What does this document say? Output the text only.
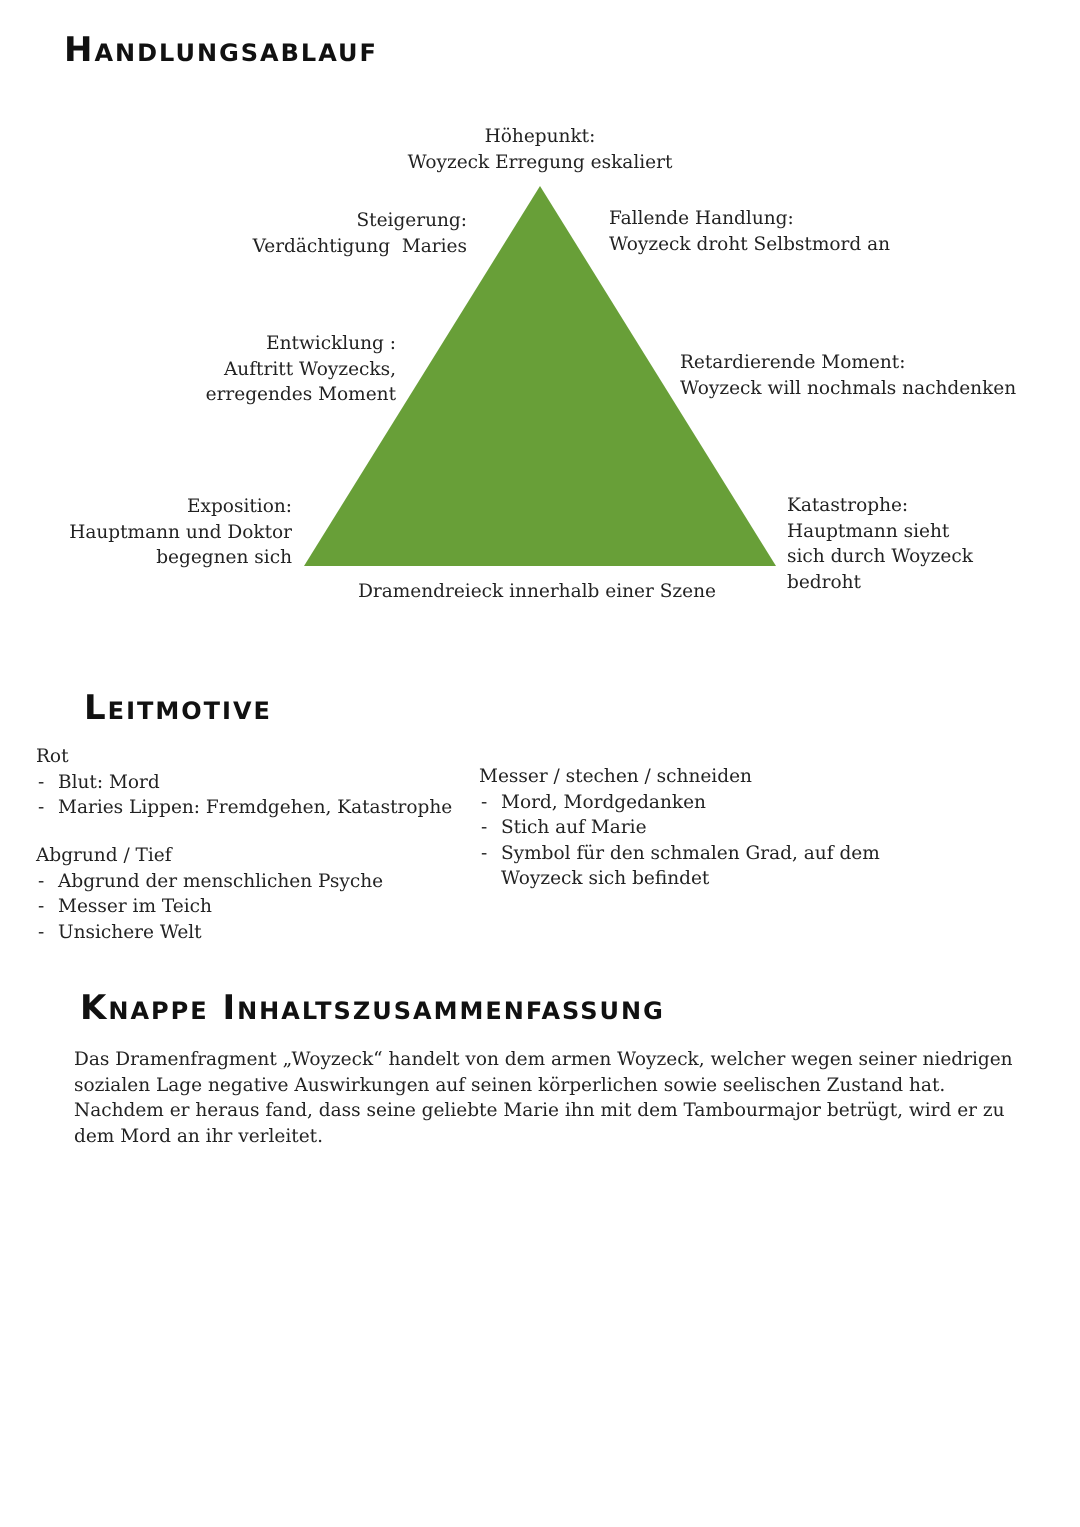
Handlungsablauf
Höhepunkt:
Woyzeck Erregung eskaliert
Steigerung:
Verdächtigung  Maries
Fallende Handlung:
Woyzeck droht Selbstmord an
Entwicklung :
Auftritt Woyzecks,
erregendes Moment
Retardierende Moment:
Woyzeck will nochmals nachdenken
Exposition:
Hauptmann und Doktor
begegnen sich
Katastrophe:
Hauptmann sieht
sich durch Woyzeck
bedroht
Dramendreieck innerhalb einer Szene
Leitmotive
Rot
- Blut: Mord
- Maries Lippen: Fremdgehen, Katastrophe
Abgrund / Tief
- Abgrund der menschlichen Psyche
- Messer im Teich
- Unsichere Welt
Messer / stechen / schneiden
- Mord, Mordgedanken
- Stich auf Marie
- Symbol für den schmalen Grad, auf dem
Woyzeck sich befindet
Knappe Inhaltszusammenfassung

Das Dramenfragment „Woyzeck“ handelt von dem armen Woyzeck, welcher wegen seiner niedrigen sozialen Lage negative Auswirkungen auf seinen körperlichen sowie seelischen Zustand hat. Nachdem er heraus fand, dass seine geliebte Marie ihn mit dem Tambourmajor betrügt, wird er zu dem Mord an ihr verleitet.
